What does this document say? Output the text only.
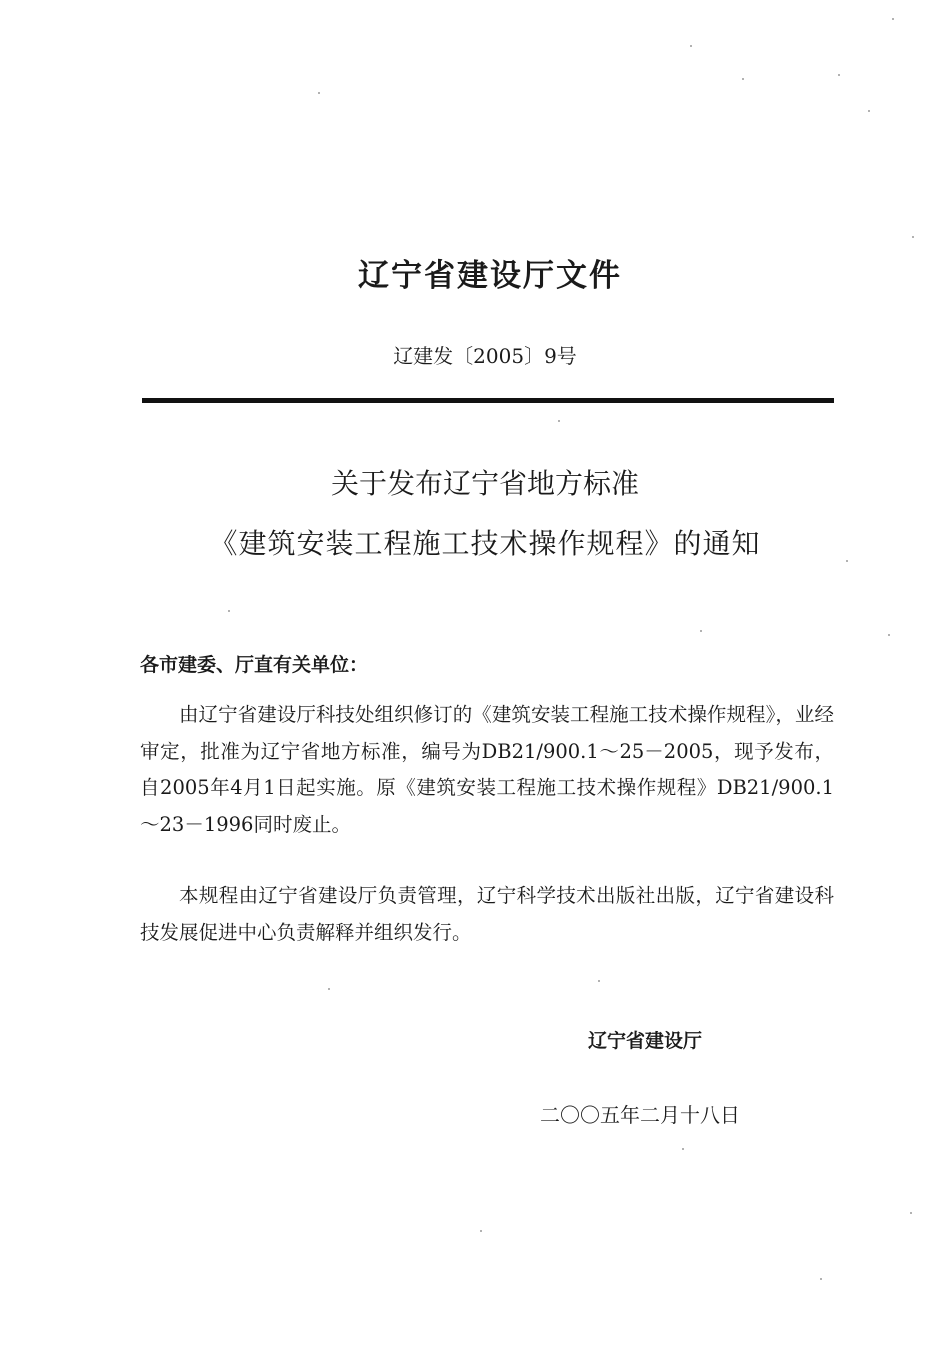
辽宁省建设厅文件
辽建发〔2005〕9号
关于发布辽宁省地方标准
《建筑安装工程施工技术操作规程》的通知
各市建委、厅直有关单位：
由辽宁省建设厅科技处组织修订的《建筑安装工程施工技术操作规程》，业经审定，批准为辽宁省地方标准，编号为DB21/900.1～25－2005，现予发布，自2005年4月1日起实施。原《建筑安装工程施工技术操作规程》DB21/900.1～23－1996同时废止。
本规程由辽宁省建设厅负责管理，辽宁科学技术出版社出版，辽宁省建设科技发展促进中心负责解释并组织发行。
辽宁省建设厅
二〇〇五年二月十八日
